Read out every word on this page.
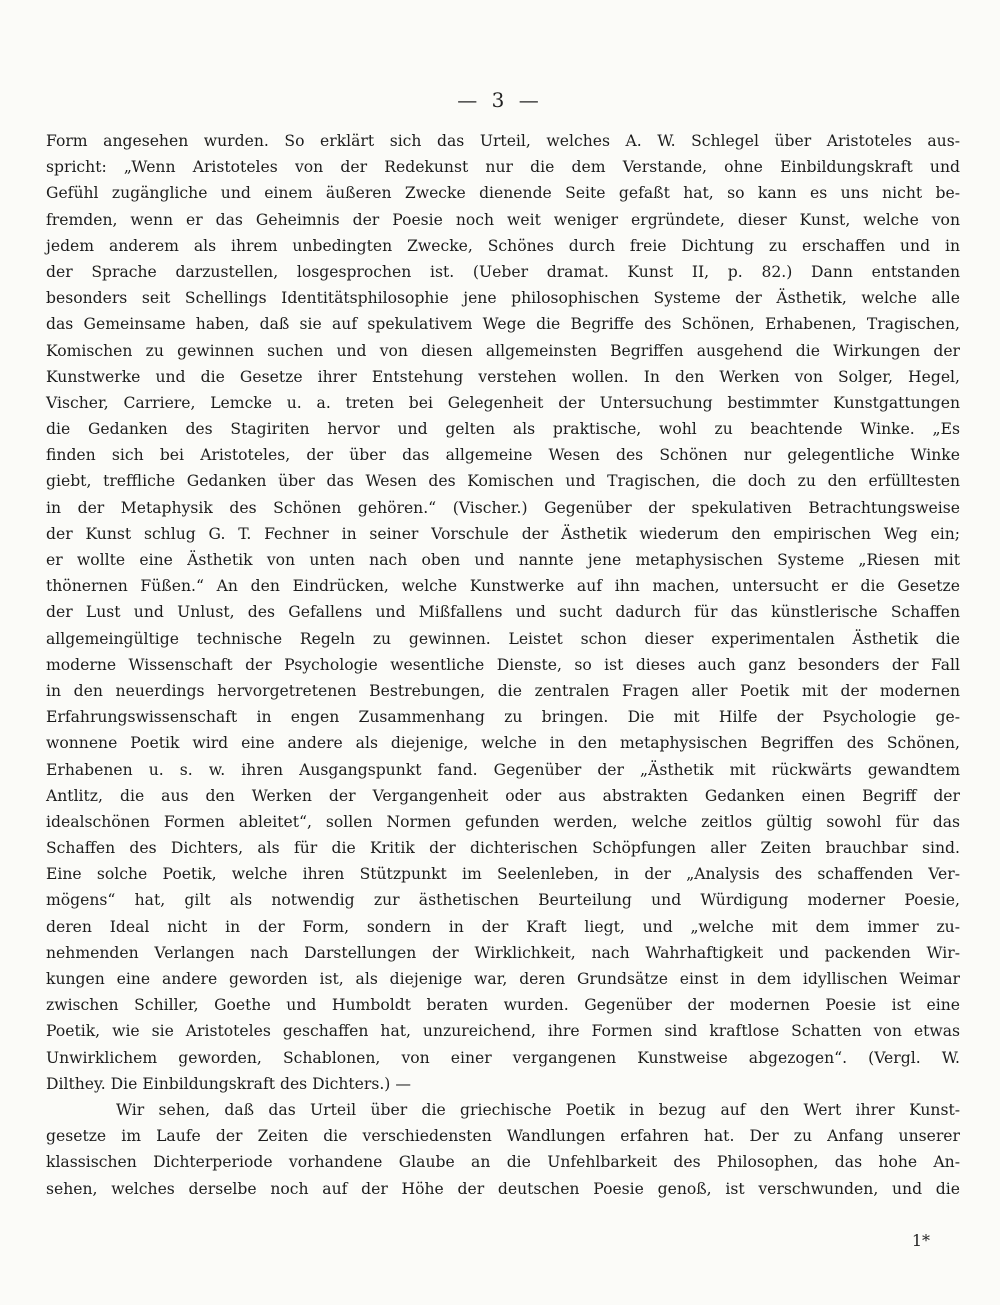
— 3 —
Form angesehen wurden. So erklärt sich das Urteil, welches A. W. Schlegel über Aristoteles aus-
spricht: „Wenn Aristoteles von der Redekunst nur die dem Verstande, ohne Einbildungskraft und
Gefühl zugängliche und einem äußeren Zwecke dienende Seite gefaßt hat, so kann es uns nicht be-
fremden, wenn er das Geheimnis der Poesie noch weit weniger ergründete, dieser Kunst, welche von
jedem anderem als ihrem unbedingten Zwecke, Schönes durch freie Dichtung zu erschaffen und in
der Sprache darzustellen, losgesprochen ist. (Ueber dramat. Kunst II, p. 82.) Dann entstanden
besonders seit Schellings Identitätsphilosophie jene philosophischen Systeme der Ästhetik, welche alle
das Gemeinsame haben, daß sie auf spekulativem Wege die Begriffe des Schönen, Erhabenen, Tragischen,
Komischen zu gewinnen suchen und von diesen allgemeinsten Begriffen ausgehend die Wirkungen der
Kunstwerke und die Gesetze ihrer Entstehung verstehen wollen. In den Werken von Solger, Hegel,
Vischer, Carriere, Lemcke u. a. treten bei Gelegenheit der Untersuchung bestimmter Kunstgattungen
die Gedanken des Stagiriten hervor und gelten als praktische, wohl zu beachtende Winke. „Es
finden sich bei Aristoteles, der über das allgemeine Wesen des Schönen nur gelegentliche Winke
giebt, treffliche Gedanken über das Wesen des Komischen und Tragischen, die doch zu den erfülltesten
in der Metaphysik des Schönen gehören.“ (Vischer.) Gegenüber der spekulativen Betrachtungsweise
der Kunst schlug G. T. Fechner in seiner Vorschule der Ästhetik wiederum den empirischen Weg ein;
er wollte eine Ästhetik von unten nach oben und nannte jene metaphysischen Systeme „Riesen mit
thönernen Füßen.“ An den Eindrücken, welche Kunstwerke auf ihn machen, untersucht er die Gesetze
der Lust und Unlust, des Gefallens und Mißfallens und sucht dadurch für das künstlerische Schaffen
allgemeingültige technische Regeln zu gewinnen. Leistet schon dieser experimentalen Ästhetik die
moderne Wissenschaft der Psychologie wesentliche Dienste, so ist dieses auch ganz besonders der Fall
in den neuerdings hervorgetretenen Bestrebungen, die zentralen Fragen aller Poetik mit der modernen
Erfahrungswissenschaft in engen Zusammenhang zu bringen. Die mit Hilfe der Psychologie ge-
wonnene Poetik wird eine andere als diejenige, welche in den metaphysischen Begriffen des Schönen,
Erhabenen u. s. w. ihren Ausgangspunkt fand. Gegenüber der „Ästhetik mit rückwärts gewandtem
Antlitz, die aus den Werken der Vergangenheit oder aus abstrakten Gedanken einen Begriff der
idealschönen Formen ableitet“, sollen Normen gefunden werden, welche zeitlos gültig sowohl für das
Schaffen des Dichters, als für die Kritik der dichterischen Schöpfungen aller Zeiten brauchbar sind.
Eine solche Poetik, welche ihren Stützpunkt im Seelenleben, in der „Analysis des schaffenden Ver-
mögens“ hat, gilt als notwendig zur ästhetischen Beurteilung und Würdigung moderner Poesie,
deren Ideal nicht in der Form, sondern in der Kraft liegt, und „welche mit dem immer zu-
nehmenden Verlangen nach Darstellungen der Wirklichkeit, nach Wahrhaftigkeit und packenden Wir-
kungen eine andere geworden ist, als diejenige war, deren Grundsätze einst in dem idyllischen Weimar
zwischen Schiller, Goethe und Humboldt beraten wurden. Gegenüber der modernen Poesie ist eine
Poetik, wie sie Aristoteles geschaffen hat, unzureichend, ihre Formen sind kraftlose Schatten von etwas
Unwirklichem geworden, Schablonen, von einer vergangenen Kunstweise abgezogen“. (Vergl. W.
Dilthey. Die Einbildungskraft des Dichters.) —
Wir sehen, daß das Urteil über die griechische Poetik in bezug auf den Wert ihrer Kunst-
gesetze im Laufe der Zeiten die verschiedensten Wandlungen erfahren hat. Der zu Anfang unserer
klassischen Dichterperiode vorhandene Glaube an die Unfehlbarkeit des Philosophen, das hohe An-
sehen, welches derselbe noch auf der Höhe der deutschen Poesie genoß, ist verschwunden, und die
1*
